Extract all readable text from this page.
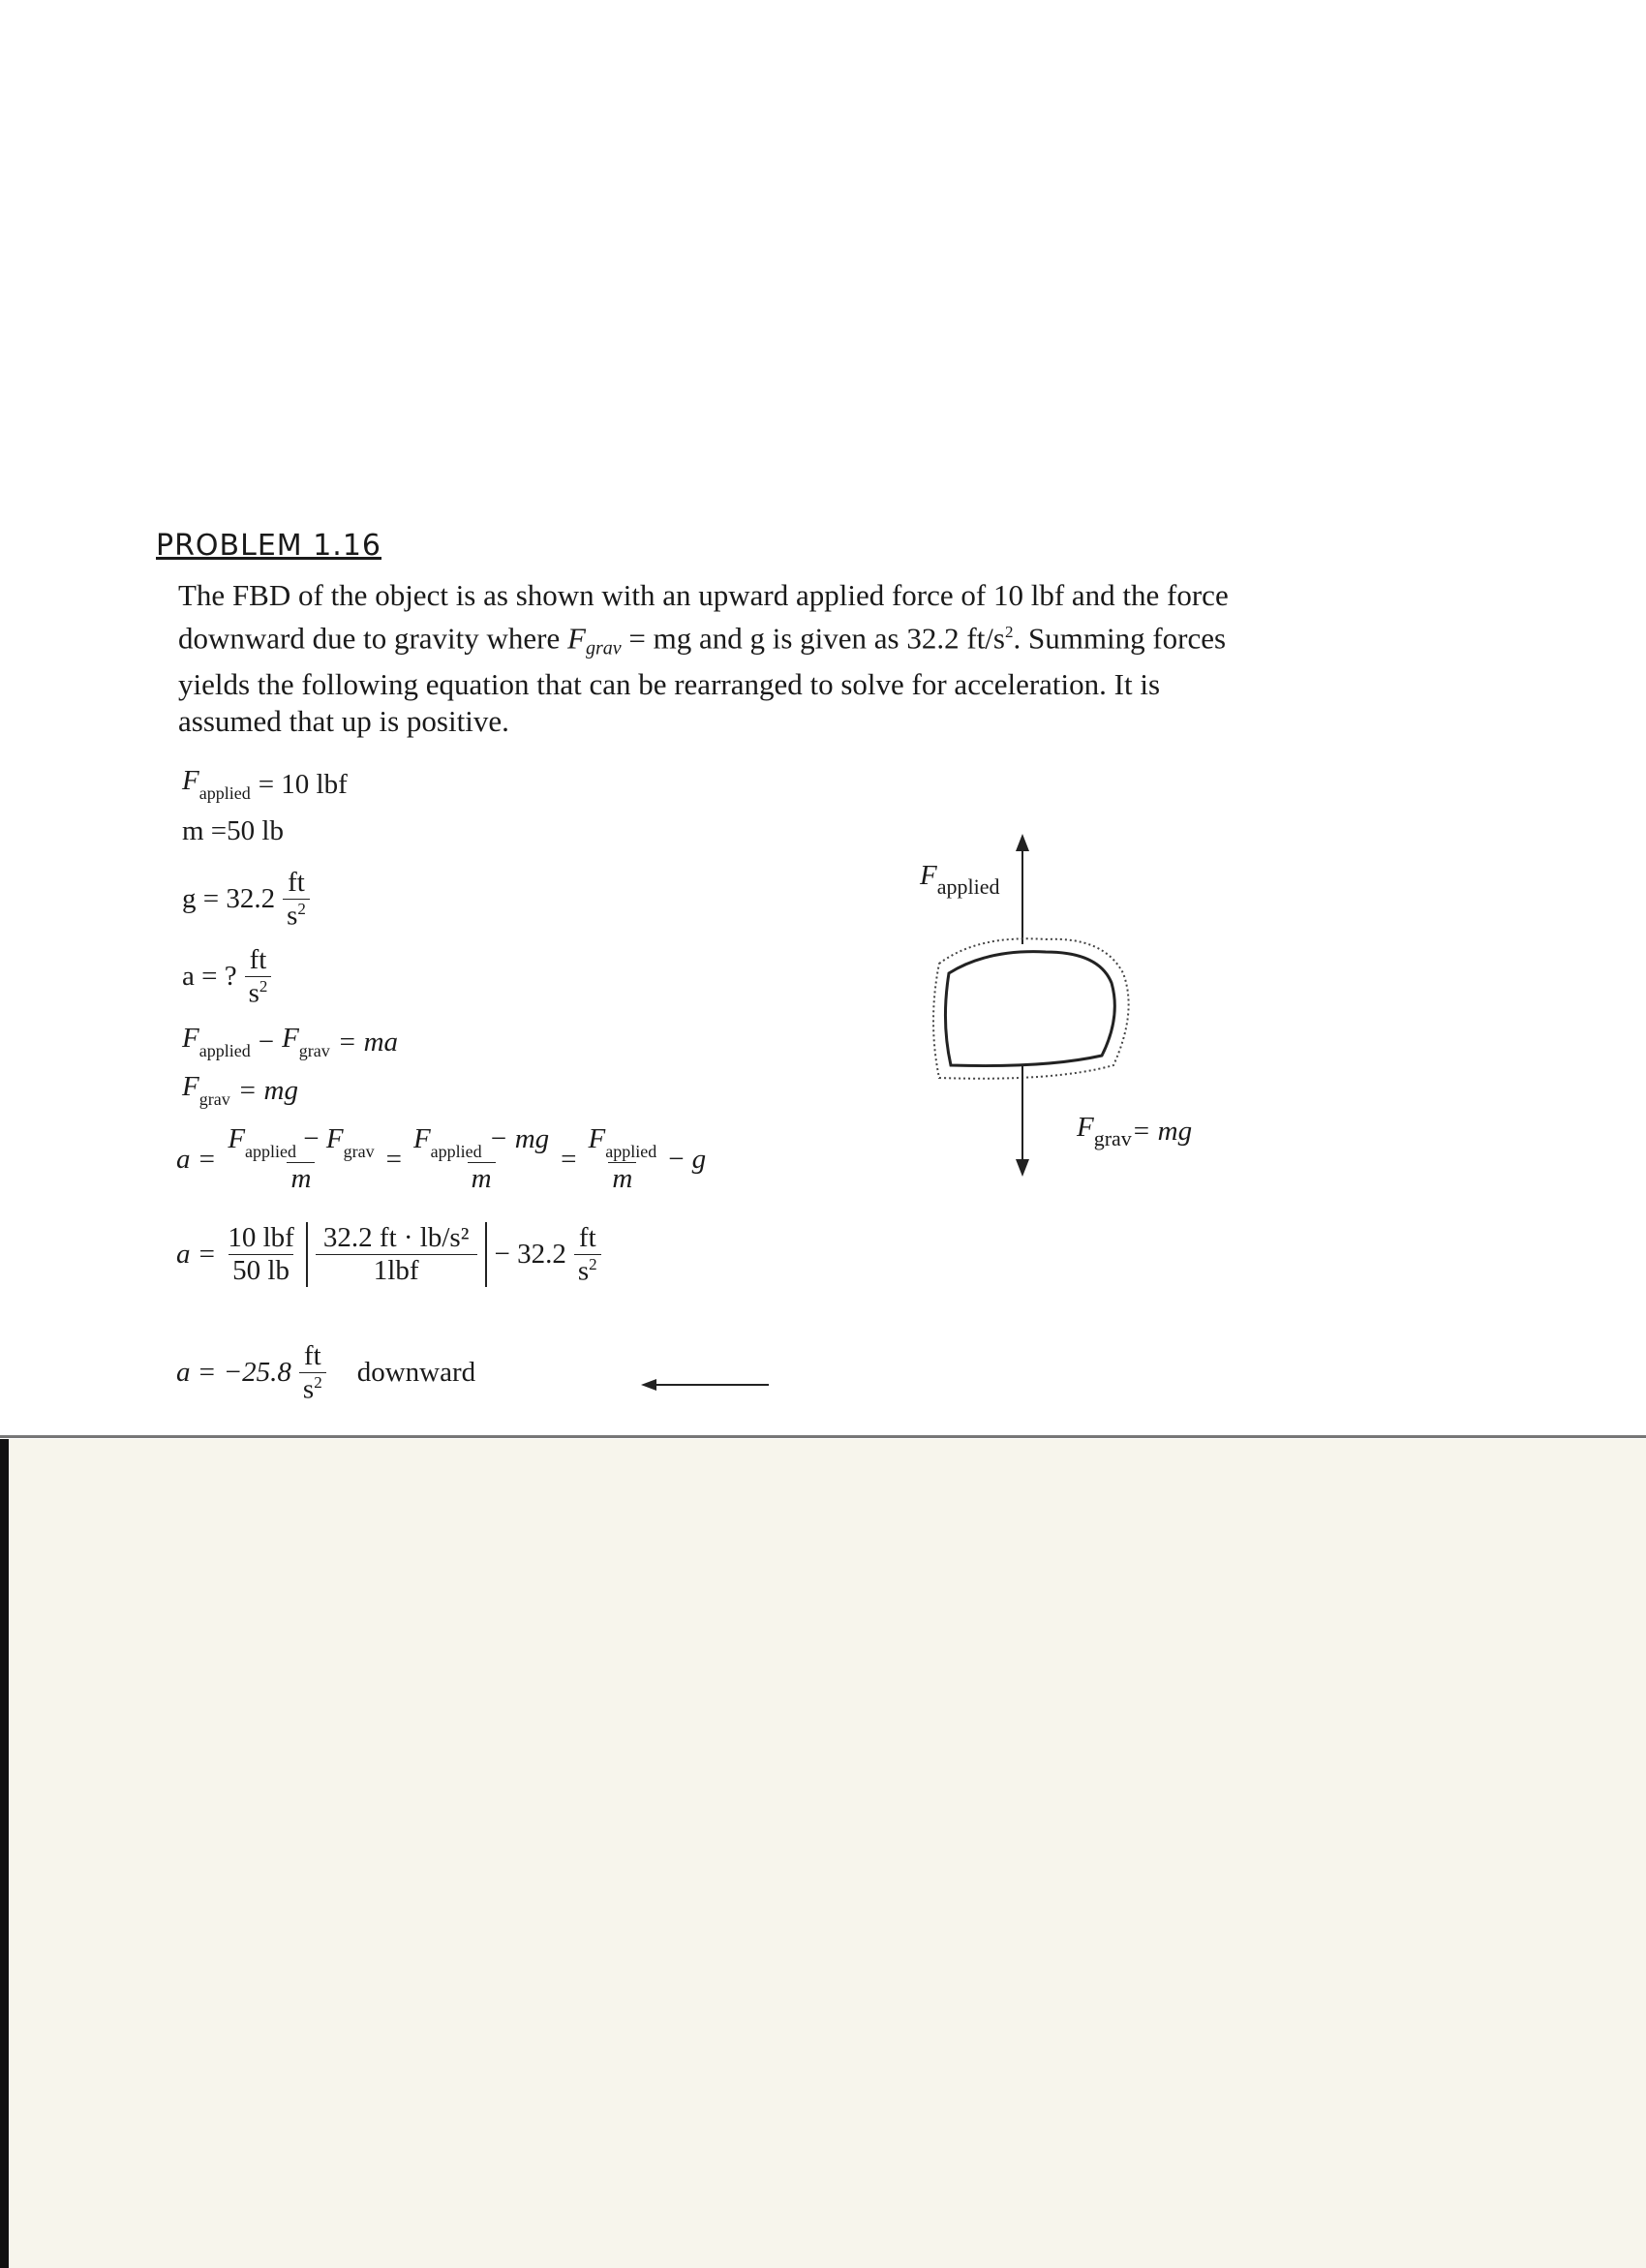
PROBLEM 1.16
The FBD of the object is as shown with an upward applied force of 10 lbf and the force
downward due to gravity where $F_{grav}$ = mg and g is given as 32.2 $ft/s^2$. Summing forces
yields the following equation that can be rearranged to solve for acceleration. It is
assumed that up is positive.
$F_{applied} = 10$ lbf
m =50 lb
$g = 32.2 \frac{ft}{s^2}$
a = ? $\frac{ft}{s^2}$
$F_{applied} - F_{grav}$ = ma
$F_{grav}$ = mg
$a = \frac{F_{applied} - F_{grav}}{m} = \frac{F_{applied} - mg}{m} = \frac{F_{applied}}{m} - g$
$a = \frac{\text{10 lbf}}{50 lb} \frac{\text{32.2 ft · lb/s²}}{\text{1lbf}} - 32.2 \frac{ft}{s^2}$
$a = -25.8 \frac{ft}{s^2}$ downward
$F_{applied}$
$F_{grav}$ = mg
